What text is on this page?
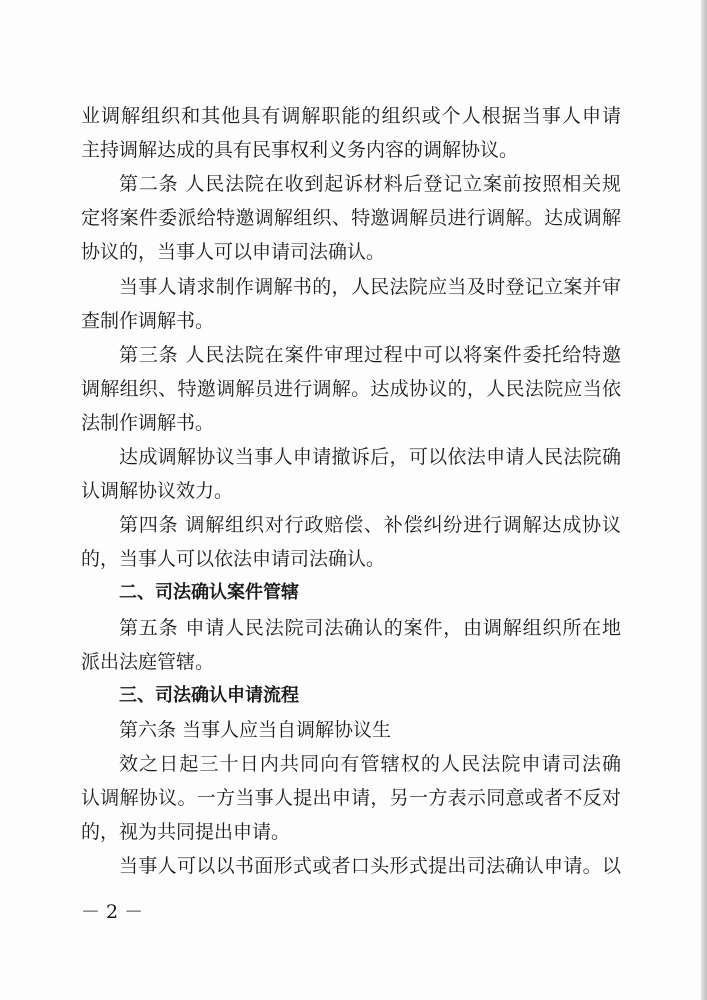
业调解组织和其他具有调解职能的组织或个人根据当事人申请
主持调解达成的具有民事权利义务内容的调解协议。
第二条 人民法院在收到起诉材料后登记立案前按照相关规
定将案件委派给特邀调解组织、特邀调解员进行调解。达成调解
协议的，当事人可以申请司法确认。
当事人请求制作调解书的，人民法院应当及时登记立案并审
查制作调解书。
第三条 人民法院在案件审理过程中可以将案件委托给特邀
调解组织、特邀调解员进行调解。达成协议的，人民法院应当依
法制作调解书。
达成调解协议当事人申请撤诉后，可以依法申请人民法院确
认调解协议效力。
第四条 调解组织对行政赔偿、补偿纠纷进行调解达成协议
的，当事人可以依法申请司法确认。
二、司法确认案件管辖
第五条 申请人民法院司法确认的案件，由调解组织所在地
派出法庭管辖。
三、司法确认申请流程
第六条 当事人应当自调解协议生
效之日起三十日内共同向有管辖权的人民法院申请司法确
认调解协议。一方当事人提出申请，另一方表示同意或者不反对
的，视为共同提出申请。
当事人可以以书面形式或者口头形式提出司法确认申请。以
－ 2 －
